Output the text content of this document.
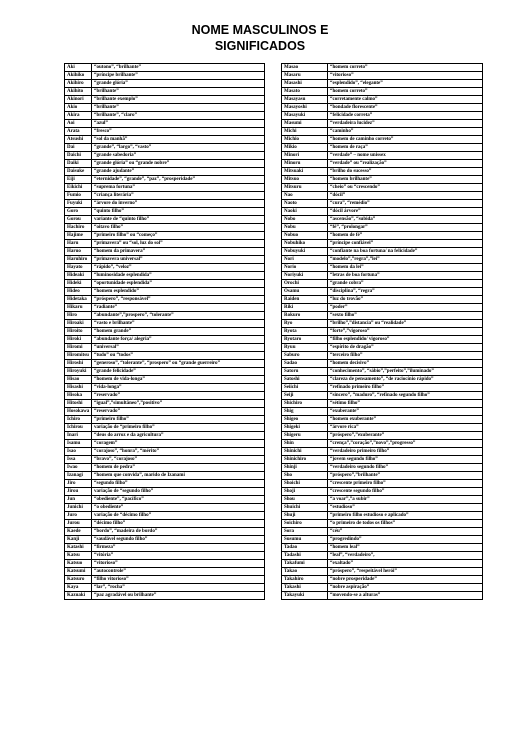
NOME MASCULINOS E
SIGNIFICADOS
Aki	“outono”, “brilhante”
Akihiko	“príncipe brilhante”
Akihiro	“grande glória”
Akihito	“brilhante”
Akinori	“brilhante exemplo”
Akio	“brilhante”
Akira	“brilhante”, “claro”
Aoi	“azul”
Arata	“fresco”
Atsushi	“sol da manhã”
Dai	“grande”, “largo”, “vasto”
Daichi	“grande sabedoria”
Daiki	“grande glória” ou “grande nobre”
Daisuke	“grande ajudante”
Eiji	“eternidade”, “grande”, “paz”, “prosperidade”
Eikichi	“suprema fortuna”
Fumio	“criança literária”
Fuyuki	“árvore do inverno”
Goro	“quinto filho”
Gorou	variante de “quinto filho”
Hachiro	“oitavo filho”
Hajime	“primeiro filho” ou “começo”
Haru	“primavera” ou “sol, luz do sol”
Haruo	“homem da primavera”
Haruhiro	“primavera universal”
Hayato	“rápido”, “veloz”
Hideaki	“luminosidade esplendida”
Hideki	“oportunidade esplendida”
Hideo	“homem esplendido”
Hidetaka	“próspero”, “responsável”
Hikaru	“radiante”
Hiro	“abundante”,”prospero”, “tolerante”
Hiroaki	“vasto e brilhante”
Hiroito	“homem grande”
Hiroki	“abundante força/ alegria”
Hiromi	“universal”
Hiromitsu	“tudo” ou “todos”
Hiroshi	“generoso”, “tolerante”, “prospero” ou “grande guerreiro”
Hiroyuki	“grande felicidade”
Hisao	“homem de vida-longa”
Hisashi	“vida-longa”
Hisoka	“reservado”
Hitoshi	“igual”,”simultâneo”,”positivo”
Hosokawa	“reservado”
Ichiro	“primeiro filho”
Ichirou	variação de “primeiro filho”
Inari	“deus do arroz e da agricultura”
Isamu	“coragem”
Isao	“corajoso”, “honra”, “mérito”
Issa	“bravo”, “corajoso”
Iwao	“homem de pedra”
Izanagi	“homem que convida”, marido de Izanami
Jiro	“segundo filho”
Jirou	variação de “segundo filho”
Jun	“obediente”, “pacífico”
Junichi	“o obediente”
Juro	variação de “décimo filho”
Jurou	“décimo filho”
Kaede	“bordo”, “madeira de bordo”
Kanji	“saudável segundo filho”
Katashi	“firmeza”
Katsu	“vitória”
Katsuo	“vitorioso”
Katsumi	“autocontrole”
Katsuro	“filho vitorioso”
Kaya	“lar”, “rocha”
Kazuaki	“paz agradável ou brilhante”
Masao	“homem correto”
Masaru	“vitorioso”
Masashi	“esplendido”, “elegante”
Masato	“homem correto”
Masayasu	“corretamente calmo”
Masayoshi	“bondade florescente”
Masayuki	“felicidade correta”
Masumi	“verdadeira lucidez”
Michi	“caminho”
Michio	“homem de caminho correto”
Mikio	“homem de raça”
Minori	“verdade” – nome unissex
Minoru	“verdade” ou “realização”
Mitsuaki	“brilho do sucesso”
Mitsuo	“homem brilhante”
Mitsuru	“cheio” ou “crescendo”
Nao	“dócil”
Naoto	“cura”, “remédio”
Naoki	“dócil árvore”
Nobo	“ascensão”, “subida”
Nobu	“fé”, “prolongar”
Nobuo	“homem de fé”
Nobuhiko	“príncipe confiável”
Nobuyuki	“confiante na boa fortuna/ na felicidade”
Nori	“modelo”,”regra”,”lei”
Norio	“homem da lei”
Noriyuki	“letras de boa fortuna”
Orochi	“grande cobra”
Osamu	“disciplina”, “regra”
Raiden	“luz do trovão”
Riki	“poder”
Rokuro	“sexto filho”
Ryo	“brilho”,”distancia” ou “realidade”
Ryota	“forte”,”vigoroso”
Ryotaro	“filho esplendido/ vigoroso”
Ryuu	“espírito de dragão”
Saburo	“terceiro filho”
Sadao	“homem decisivo”
Satoru	“conhecimento”, “sábio”,”perfeito”,”iluminado”
Satoshi	“clareza de pensamento”, “de raciocínio rápido”
Seiichi	“refinado primeiro filho”
Seiji	“sincero”, “maduro”, “refinado segundo filho”
Shichiro	“sétimo filho”
Shig	“exuberante”
Shigeo	“homem exuberante”
Shigeki	“árvore rica”
Shigeru	“próspero”,”exuberante”
Shin	“crença”,”coração”,”novo”,”progresso”
Shinichi	“verdadeiro primeiro filho”
Shinichiro	“jovem segundo filho”
Shinji	“verdadeiro segundo filho”
Sho	“próspero”,”brilhante”
Shoichi	“crescente primeiro filho”
Shoji	“crescente segundo filho”
Shou	“a voar”,”a subir”
Shuichi	“estudioso”
Shuji	“primeiro filho estudioso e aplicado”
Soichiro	“o primeiro de todos os filhos”
Sora	“céu”
Susumu	“progredindo”
Tadao	“homem leal”
Tadashi	“leal”, “verdadeiro”,
Takafumi	“exaltado”
Takao	“próspero”, “respeitável herói”
Takahiro	“nobre prosperidade”
Takashi	“nobre aspiração”
Takayuki	“movendo-se a alturas”
